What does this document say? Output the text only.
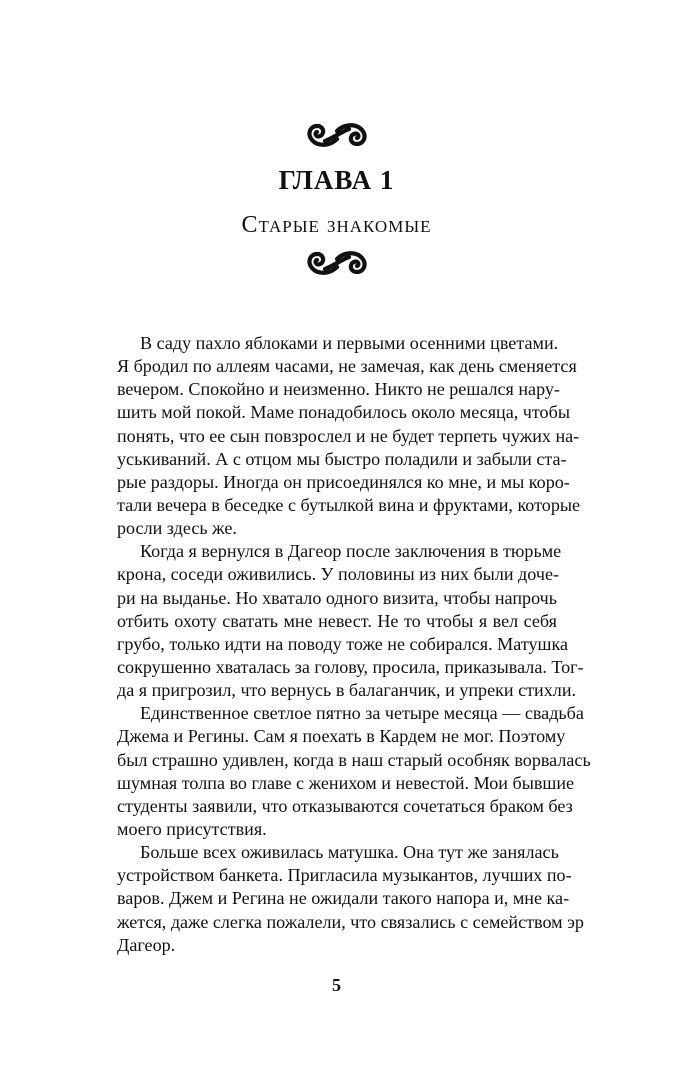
ГЛАВА 1
Старые знакомые
В саду пахло яблоками и первыми осенними цветами.
Я бродил по аллеям часами, не замечая, как день сменяется
вечером. Спокойно и неизменно. Никто не решался нару-
шить мой покой. Маме понадобилось около месяца, чтобы
понять, что ее сын повзрослел и не будет терпеть чужих на-
уськиваний. А с отцом мы быстро поладили и забыли ста-
рые раздоры. Иногда он присоединялся ко мне, и мы коро-
тали вечера в беседке с бутылкой вина и фруктами, которые
росли здесь же.
Когда я вернулся в Дагеор после заключения в тюрьме
крона, соседи оживились. У половины из них были доче-
ри на выданье. Но хватало одного визита, чтобы напрочь
отбить охоту сватать мне невест. Не то чтобы я вел себя
грубо, только идти на поводу тоже не собирался. Матушка
сокрушенно хваталась за голову, просила, приказывала. Тог-
да я пригрозил, что вернусь в балаганчик, и упреки стихли.
Единственное светлое пятно за четыре месяца — свадьба
Джема и Регины. Сам я поехать в Кардем не мог. Поэтому
был страшно удивлен, когда в наш старый особняк ворвалась
шумная толпа во главе с женихом и невестой. Мои бывшие
студенты заявили, что отказываются сочетаться браком без
моего присутствия.
Больше всех оживилась матушка. Она тут же занялась
устройством банкета. Пригласила музыкантов, лучших по-
варов. Джем и Регина не ожидали такого напора и, мне ка-
жется, даже слегка пожалели, что связались с семейством эр
Дагеор.
5
